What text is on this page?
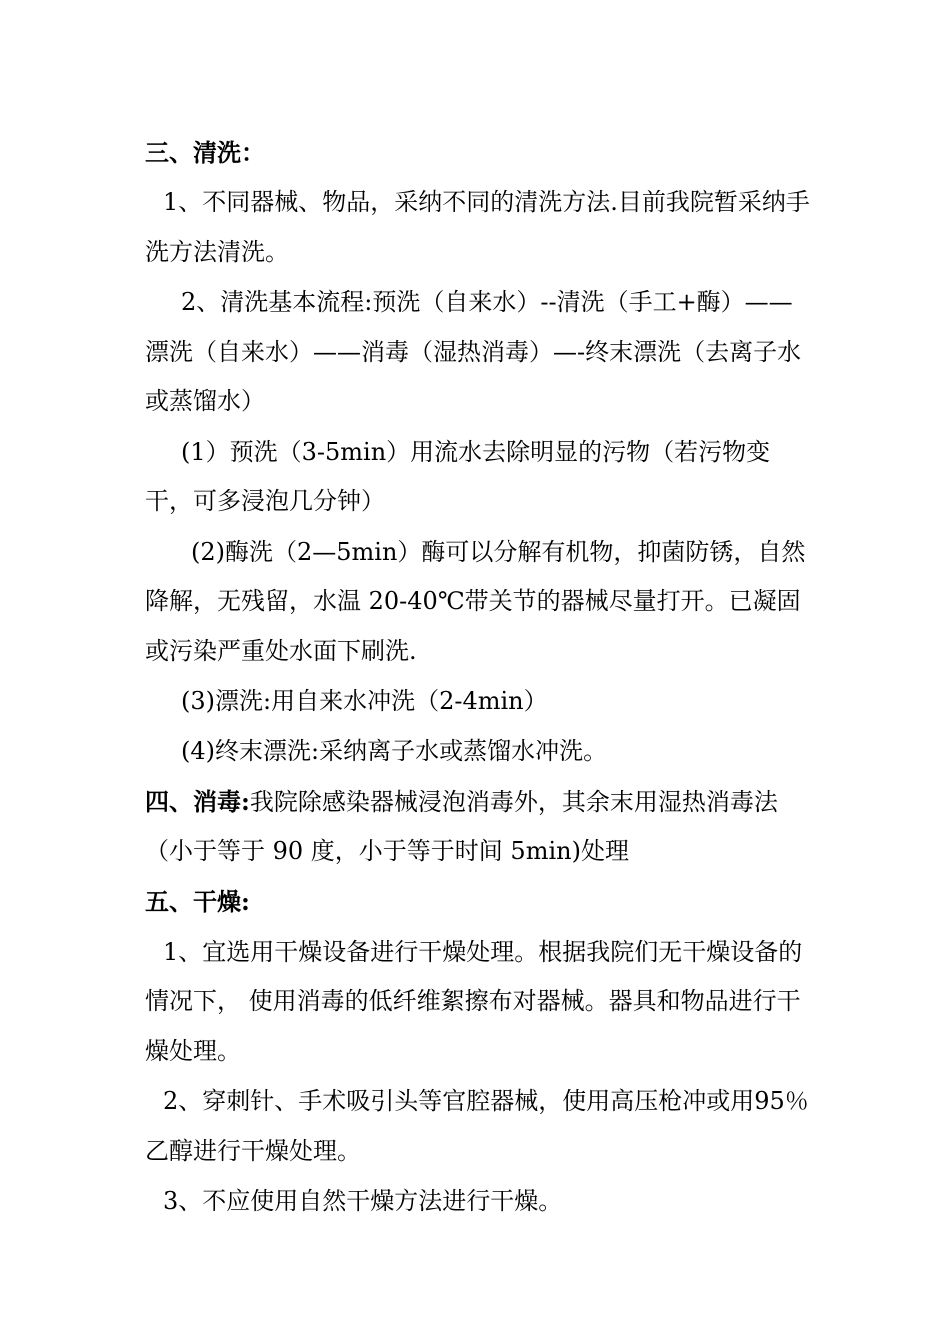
三、清洗：

1、不同器械、物品，采纳不同的清洗方法.目前我院暂采纳手洗方法清洗。

2、清洗基本流程:预洗（自来水）--清洗（手工+酶）——漂洗（自来水）——消毒（湿热消毒）—-终末漂洗（去离子水或蒸馏水）

(1）预洗（3-5min）用流水去除明显的污物（若污物变干，可多浸泡几分钟）

(2)酶洗（2—5min）酶可以分解有机物，抑菌防锈，自然降解，无残留，水温 20-40℃带关节的器械尽量打开。已凝固或污染严重处水面下刷洗.

(3)漂洗:用自来水冲洗（2-4min）

(4)终末漂洗:采纳离子水或蒸馏水冲洗。

四、消毒:我院除感染器械浸泡消毒外，其余末用湿热消毒法（小于等于 90 度，小于等于时间 5min)处理

五、干燥:

1、宜选用干燥设备进行干燥处理。根据我院们无干燥设备的情况下， 使用消毒的低纤维絮擦布对器械。器具和物品进行干燥处理。

2、穿刺针、手术吸引头等官腔器械，使用高压枪冲或用95％乙醇进行干燥处理。

3、不应使用自然干燥方法进行干燥。
